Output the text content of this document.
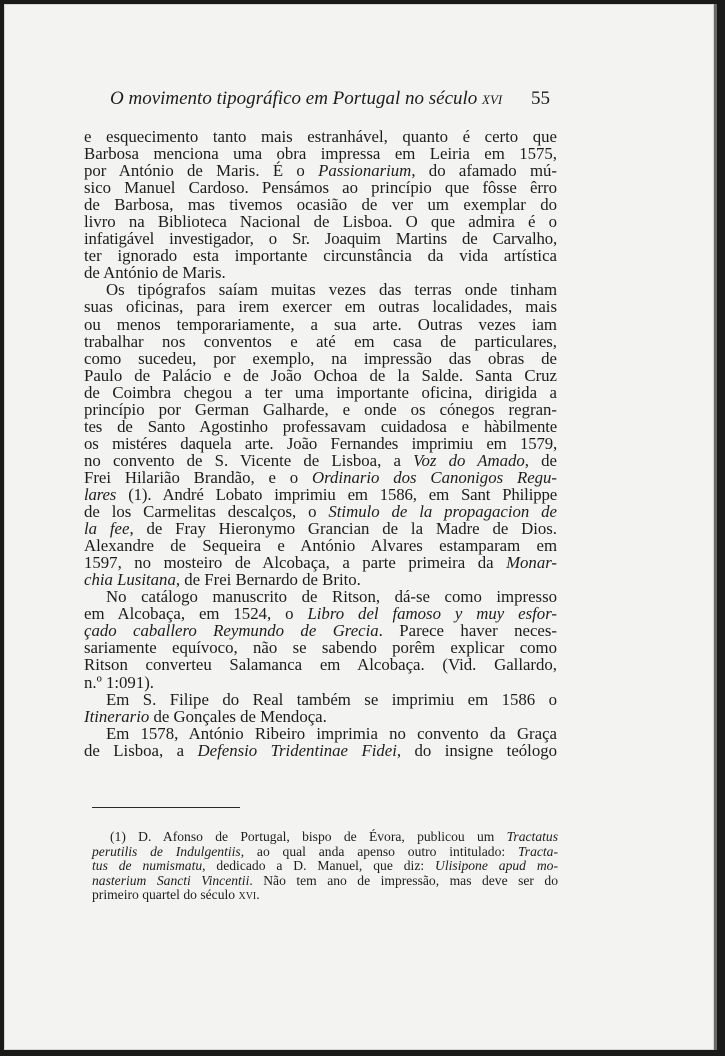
O movimento tipográfico em Portugal no século xvi 55
e esquecimento tanto mais estranhável, quanto é certo que
Barbosa menciona uma obra impressa em Leiria em 1575,
por António de Maris. É o Passionarium, do afamado mú-
sico Manuel Cardoso. Pensámos ao princípio que fôsse êrro
de Barbosa, mas tivemos ocasião de ver um exemplar do
livro na Biblioteca Nacional de Lisboa. O que admira é o
infatigável investigador, o Sr. Joaquim Martins de Carvalho,
ter ignorado esta importante circunstância da vida artística
de António de Maris.
Os tipógrafos saíam muitas vezes das terras onde tinham
suas oficinas, para irem exercer em outras localidades, mais
ou menos temporariamente, a sua arte. Outras vezes iam
trabalhar nos conventos e até em casa de particulares,
como sucedeu, por exemplo, na impressão das obras de
Paulo de Palácio e de João Ochoa de la Salde. Santa Cruz
de Coimbra chegou a ter uma importante oficina, dirigida a
princípio por German Galharde, e onde os cónegos regran-
tes de Santo Agostinho professavam cuidadosa e hàbilmente
os mistéres daquela arte. João Fernandes imprimiu em 1579,
no convento de S. Vicente de Lisboa, a Voz do Amado, de
Frei Hilarião Brandão, e o Ordinario dos Canonigos Regu-
lares (1). André Lobato imprimiu em 1586, em Sant Philippe
de los Carmelitas descalços, o Stimulo de la propagacion de
la fee, de Fray Hieronymo Grancian de la Madre de Dios.
Alexandre de Sequeira e António Alvares estamparam em
1597, no mosteiro de Alcobaça, a parte primeira da Monar-
chia Lusitana, de Frei Bernardo de Brito.
No catálogo manuscrito de Ritson, dá-se como impresso
em Alcobaça, em 1524, o Libro del famoso y muy esfor-
çado caballero Reymundo de Grecia. Parece haver neces-
sariamente equívoco, não se sabendo porêm explicar como
Ritson converteu Salamanca em Alcobaça. (Vid. Gallardo,
n.º 1:091).
Em S. Filipe do Real também se imprimiu em 1586 o
Itinerario de Gonçales de Mendoça.
Em 1578, António Ribeiro imprimia no convento da Graça
de Lisboa, a Defensio Tridentinae Fidei, do insigne teólogo
(1) D. Afonso de Portugal, bispo de Évora, publicou um Tractatus
perutilis de Indulgentiis, ao qual anda apenso outro intitulado: Tracta-
tus de numismatu, dedicado a D. Manuel, que diz: Ulisipone apud mo-
nasterium Sancti Vincentii. Não tem ano de impressão, mas deve ser do
primeiro quartel do século xvi.
